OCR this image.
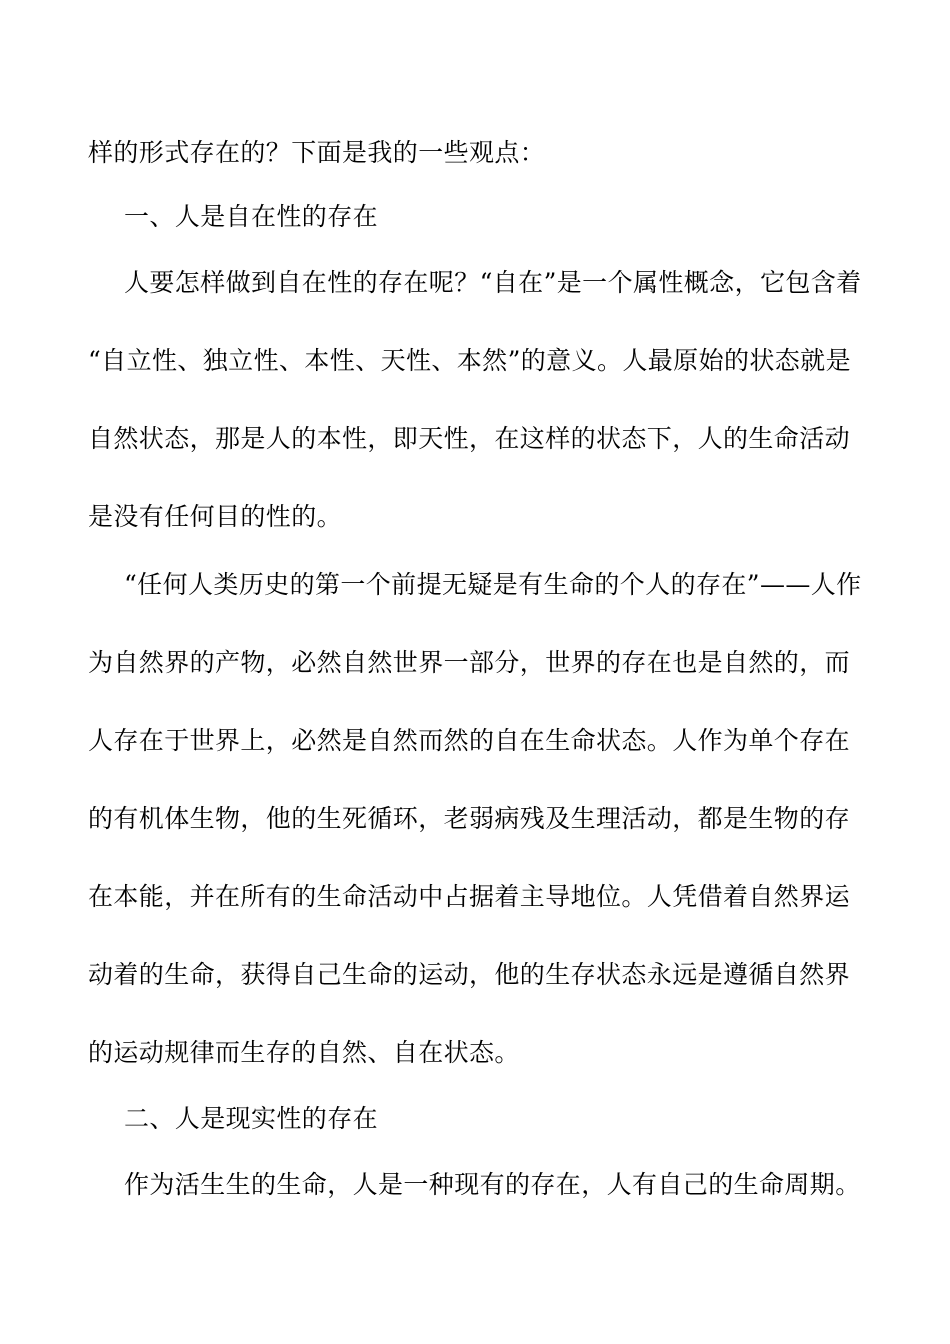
样的形式存在的？下面是我的一些观点：
一、人是自在性的存在
人要怎样做到自在性的存在呢？“自在”是一个属性概念，它包含着
“自立性、独立性、本性、天性、本然”的意义。人最原始的状态就是
自然状态，那是人的本性，即天性，在这样的状态下，人的生命活动
是没有任何目的性的。
“任何人类历史的第一个前提无疑是有生命的个人的存在”——人作
为自然界的产物，必然自然世界一部分，世界的存在也是自然的，而
人存在于世界上，必然是自然而然的自在生命状态。人作为单个存在
的有机体生物，他的生死循环，老弱病残及生理活动，都是生物的存
在本能，并在所有的生命活动中占据着主导地位。人凭借着自然界运
动着的生命，获得自己生命的运动，他的生存状态永远是遵循自然界
的运动规律而生存的自然、自在状态。
二、人是现实性的存在
作为活生生的生命，人是一种现有的存在，人有自己的生命周期。
